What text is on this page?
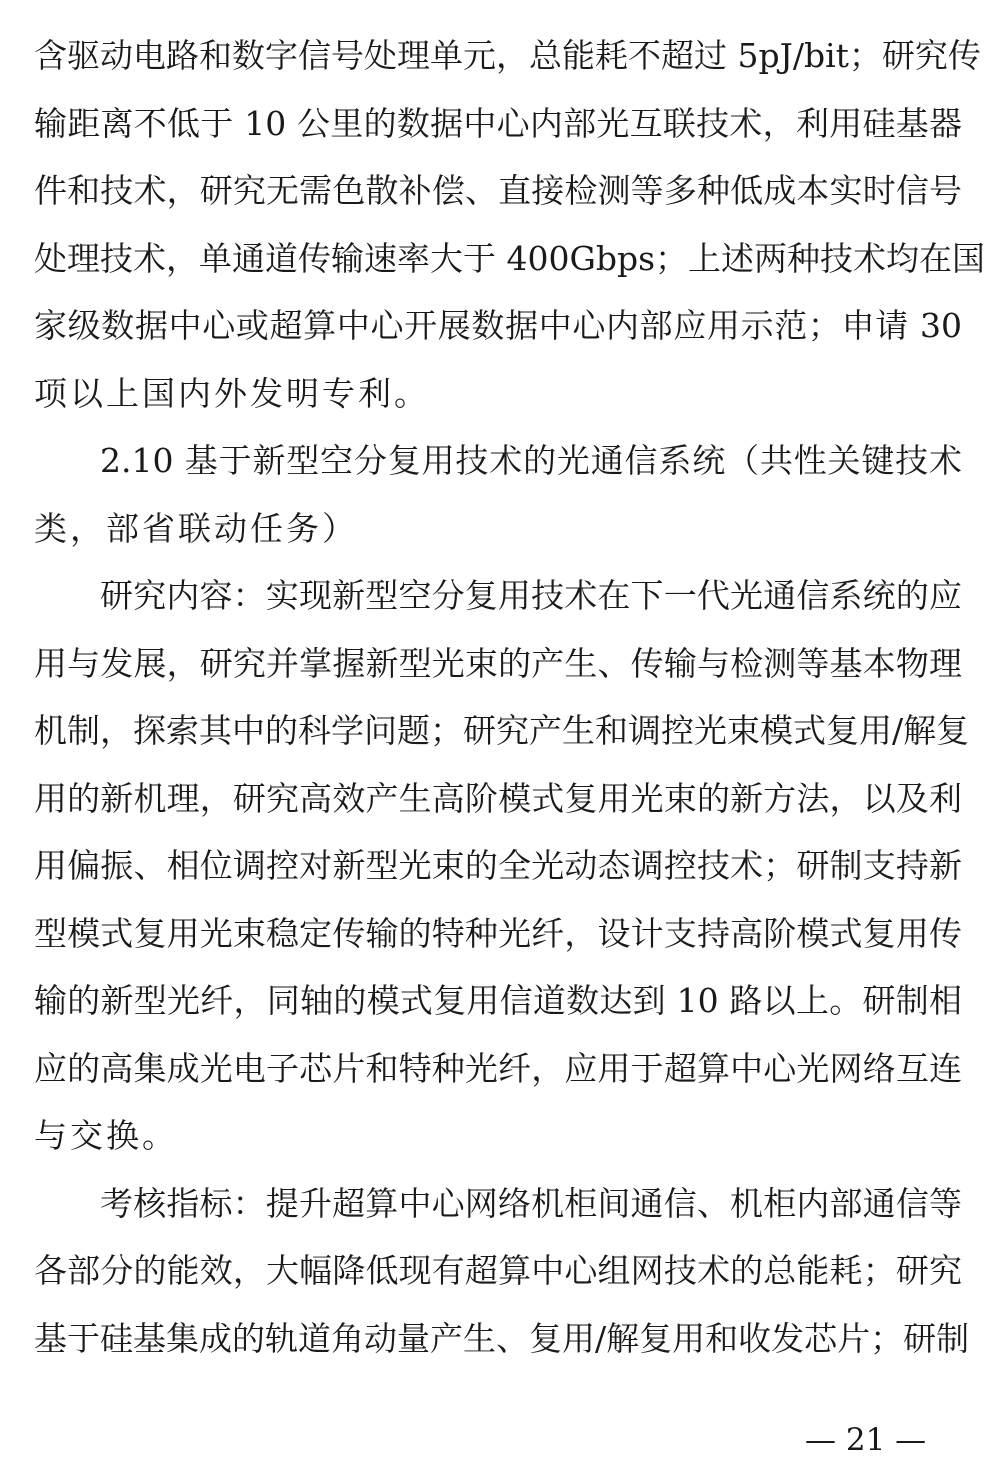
含驱动电路和数字信号处理单元，总能耗不超过 5pJ/bit；研究传
输距离不低于 10 公里的数据中心内部光互联技术，利用硅基器
件和技术，研究无需色散补偿、直接检测等多种低成本实时信号
处理技术，单通道传输速率大于 400Gbps；上述两种技术均在国
家级数据中心或超算中心开展数据中心内部应用示范；申请 30
项以上国内外发明专利。
2.10 基于新型空分复用技术的光通信系统（共性关键技术
类，部省联动任务）
研究内容：实现新型空分复用技术在下一代光通信系统的应
用与发展，研究并掌握新型光束的产生、传输与检测等基本物理
机制，探索其中的科学问题；研究产生和调控光束模式复用/解复
用的新机理，研究高效产生高阶模式复用光束的新方法，以及利
用偏振、相位调控对新型光束的全光动态调控技术；研制支持新
型模式复用光束稳定传输的特种光纤，设计支持高阶模式复用传
输的新型光纤，同轴的模式复用信道数达到 10 路以上。研制相
应的高集成光电子芯片和特种光纤，应用于超算中心光网络互连
与交换。
考核指标：提升超算中心网络机柜间通信、机柜内部通信等
各部分的能效，大幅降低现有超算中心组网技术的总能耗；研究
基于硅基集成的轨道角动量产生、复用/解复用和收发芯片；研制
— 21 —
